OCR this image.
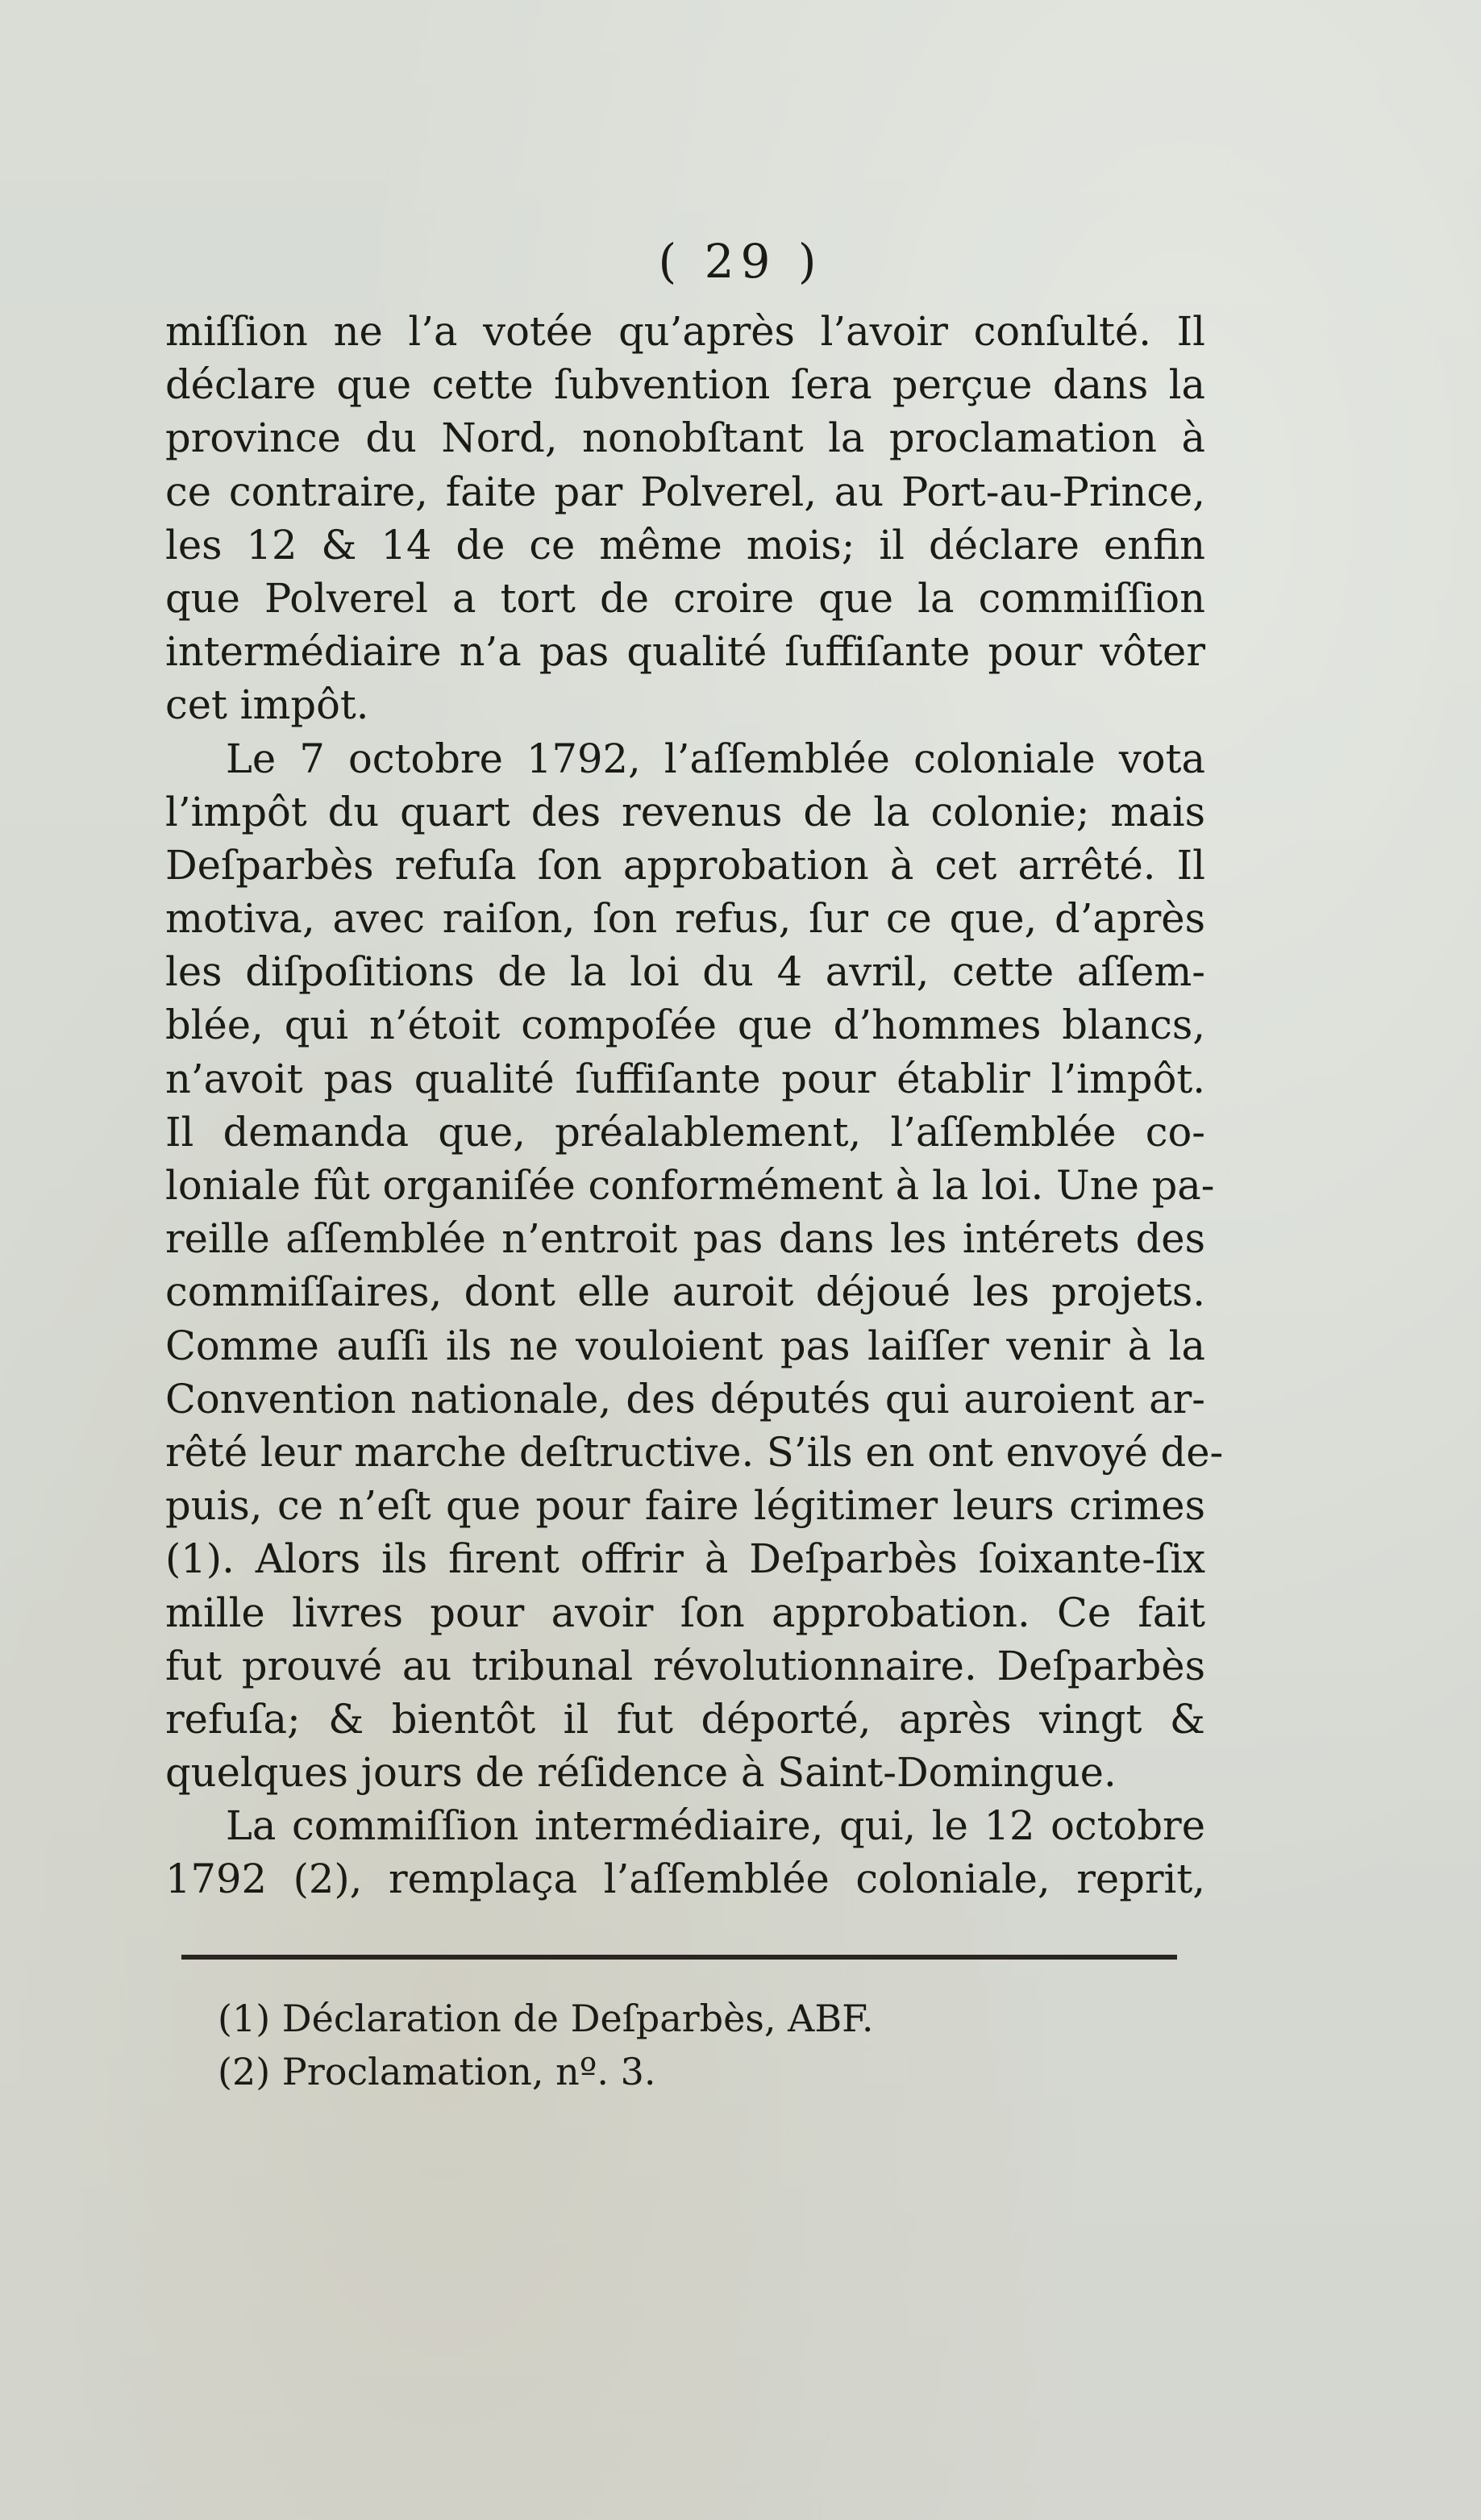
( 29 )
miſſion ne l’a votée qu’après l’avoir conſulté. Il
déclare que cette ſubvention ſera perçue dans la
province du Nord, nonobſtant la proclamation à
ce contraire, faite par Polverel, au Port-au-Prince,
les 12 & 14 de ce même mois; il déclare enfin
que Polverel a tort de croire que la commiſſion
intermédiaire n’a pas qualité ſuffiſante pour vôter
cet impôt.
Le 7 octobre 1792, l’aſſemblée coloniale vota
l’impôt du quart des revenus de la colonie; mais
Deſparbès refuſa ſon approbation à cet arrêté. Il
motiva, avec raiſon, ſon refus, ſur ce que, d’après
les diſpoſitions de la loi du 4 avril, cette aſſem-
blée, qui n’étoit compoſée que d’hommes blancs,
n’avoit pas qualité ſuffiſante pour établir l’impôt.
Il demanda que, préalablement, l’aſſemblée co-
loniale fût organiſée conformément à la loi. Une pa-
reille aſſemblée n’entroit pas dans les intérets des
commiſſaires, dont elle auroit déjoué les projets.
Comme auſſi ils ne vouloient pas laiſſer venir à la
Convention nationale, des députés qui auroient ar-
rêté leur marche deſtructive. S’ils en ont envoyé de-
puis, ce n’eſt que pour faire légitimer leurs crimes
(1). Alors ils firent offrir à Deſparbès ſoixante-ſix
mille livres pour avoir ſon approbation. Ce fait
fut prouvé au tribunal révolutionnaire. Deſparbès
refuſa; & bientôt il fut déporté, après vingt &
quelques jours de réſidence à Saint-Domingue.
La commiſſion intermédiaire, qui, le 12 octobre
1792 (2), remplaça l’aſſemblée coloniale, reprit,
(1) Déclaration de Deſparbès, ABF.
(2) Proclamation, nº. 3.
